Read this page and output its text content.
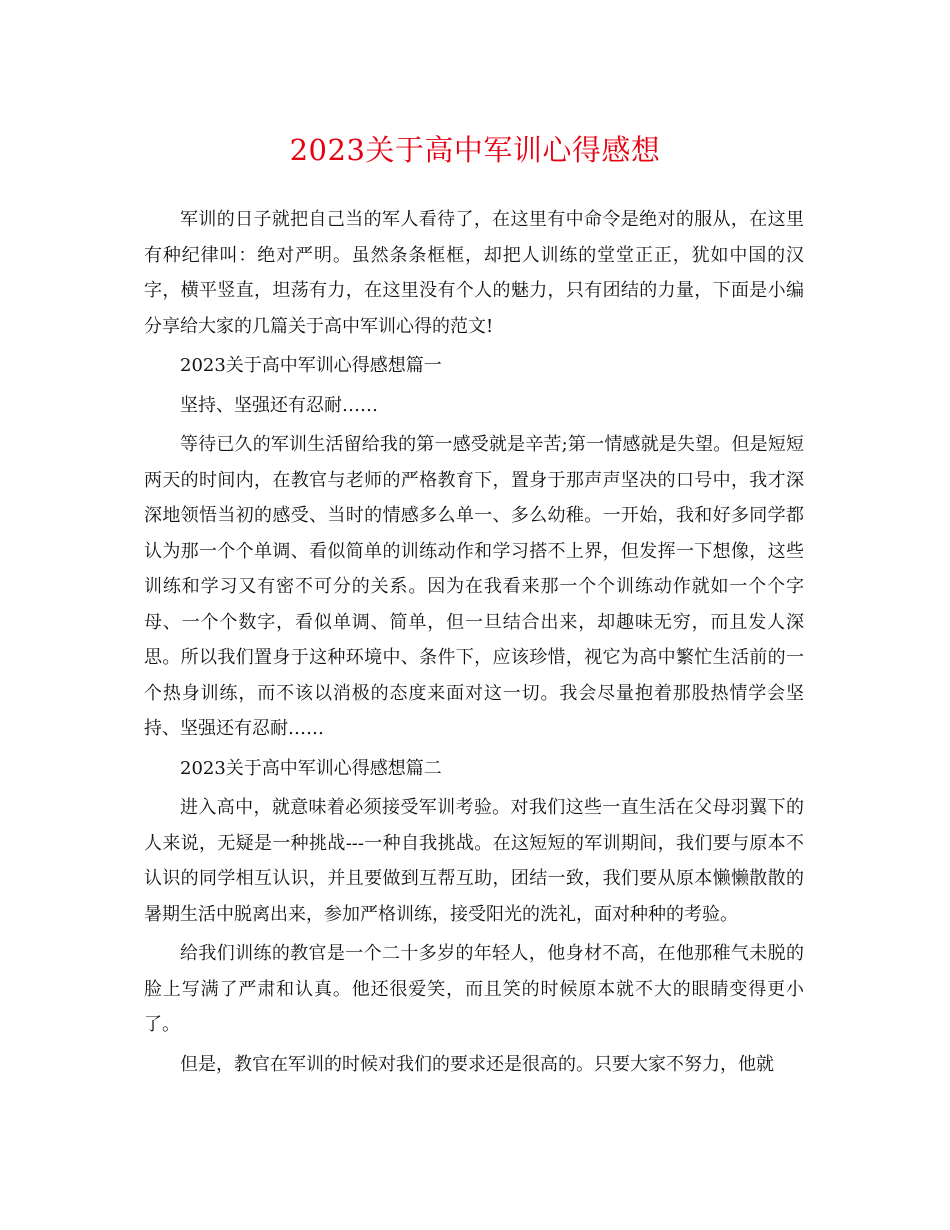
2023关于高中军训心得感想

军训的日子就把自己当的军人看待了，在这里有中命令是绝对的服从，在这里有种纪律叫：绝对严明。虽然条条框框，却把人训练的堂堂正正，犹如中国的汉字，横平竖直，坦荡有力，在这里没有个人的魅力，只有团结的力量，下面是小编分享给大家的几篇关于高中军训心得的范文!

2023关于高中军训心得感想篇一

坚持、坚强还有忍耐……

等待已久的军训生活留给我的第一感受就是辛苦;第一情感就是失望。但是短短两天的时间内，在教官与老师的严格教育下，置身于那声声坚决的口号中，我才深深地领悟当初的感受、当时的情感多么单一、多么幼稚。一开始，我和好多同学都认为那一个个单调、看似简单的训练动作和学习搭不上界，但发挥一下想像，这些训练和学习又有密不可分的关系。因为在我看来那一个个训练动作就如一个个字母、一个个数字，看似单调、简单，但一旦结合出来，却趣味无穷，而且发人深思。所以我们置身于这种环境中、条件下，应该珍惜，视它为高中繁忙生活前的一个热身训练，而不该以消极的态度来面对这一切。我会尽量抱着那股热情学会坚持、坚强还有忍耐……

2023关于高中军训心得感想篇二

进入高中，就意味着必须接受军训考验。对我们这些一直生活在父母羽翼下的人来说，无疑是一种挑战---一种自我挑战。在这短短的军训期间，我们要与原本不认识的同学相互认识，并且要做到互帮互助，团结一致，我们要从原本懒懒散散的暑期生活中脱离出来，参加严格训练，接受阳光的洗礼，面对种种的考验。

给我们训练的教官是一个二十多岁的年轻人，他身材不高，在他那稚气未脱的脸上写满了严肃和认真。他还很爱笑，而且笑的时候原本就不大的眼睛变得更小了。

但是，教官在军训的时候对我们的要求还是很高的。只要大家不努力，他就
